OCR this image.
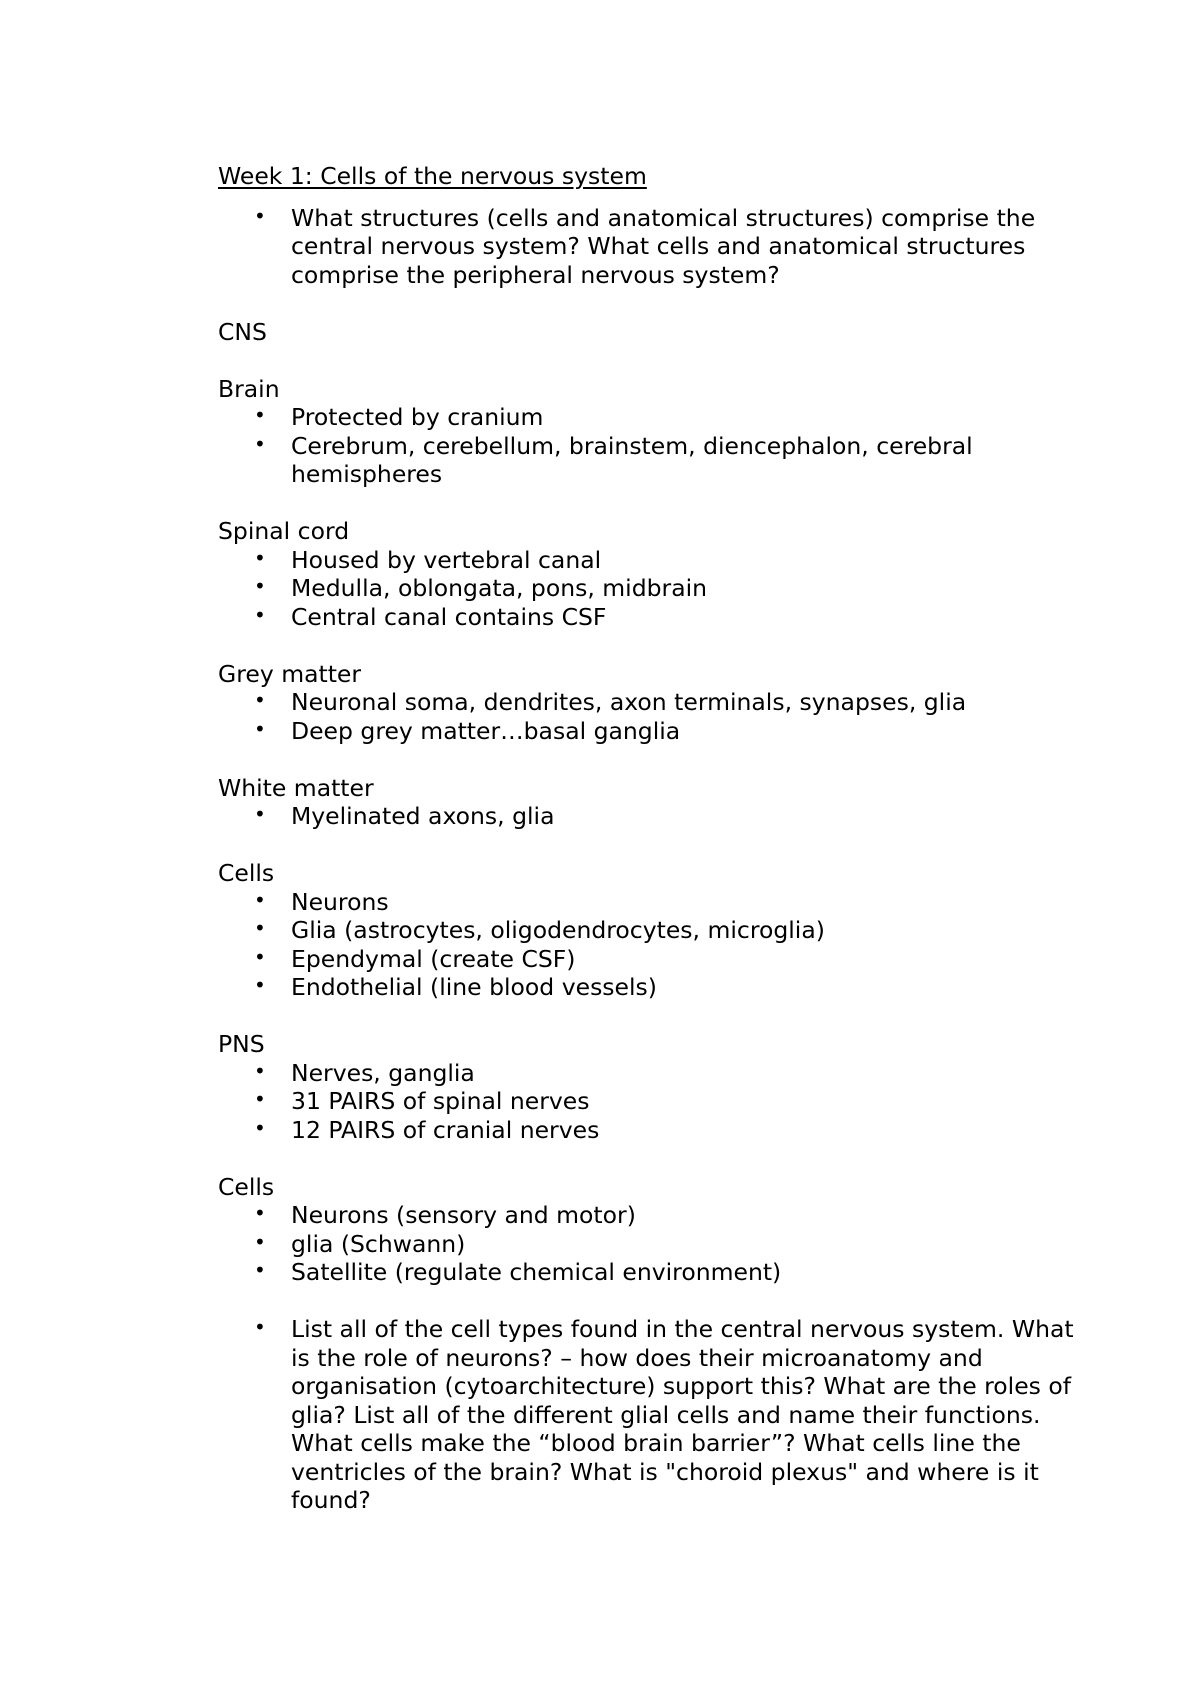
Week 1: Cells of the nervous system
• What structures (cells and anatomical structures) comprise the central nervous system? What cells and anatomical structures comprise the peripheral nervous system?
CNS
Brain
• Protected by cranium
• Cerebrum, cerebellum, brainstem, diencephalon, cerebral hemispheres
Spinal cord
• Housed by vertebral canal
• Medulla, oblongata, pons, midbrain
• Central canal contains CSF
Grey matter
• Neuronal soma, dendrites, axon terminals, synapses, glia
• Deep grey matter…basal ganglia
White matter
• Myelinated axons, glia
Cells
• Neurons
• Glia (astrocytes, oligodendrocytes, microglia)
• Ependymal (create CSF)
• Endothelial (line blood vessels)
PNS
• Nerves, ganglia
• 31 PAIRS of spinal nerves
• 12 PAIRS of cranial nerves
Cells
• Neurons (sensory and motor)
• glia (Schwann)
• Satellite (regulate chemical environment)
• List all of the cell types found in the central nervous system. What is the role of neurons? – how does their microanatomy and organisation (cytoarchitecture) support this? What are the roles of glia? List all of the different glial cells and name their functions. What cells make the “blood brain barrier”? What cells line the ventricles of the brain? What is "choroid plexus" and where is it found?
